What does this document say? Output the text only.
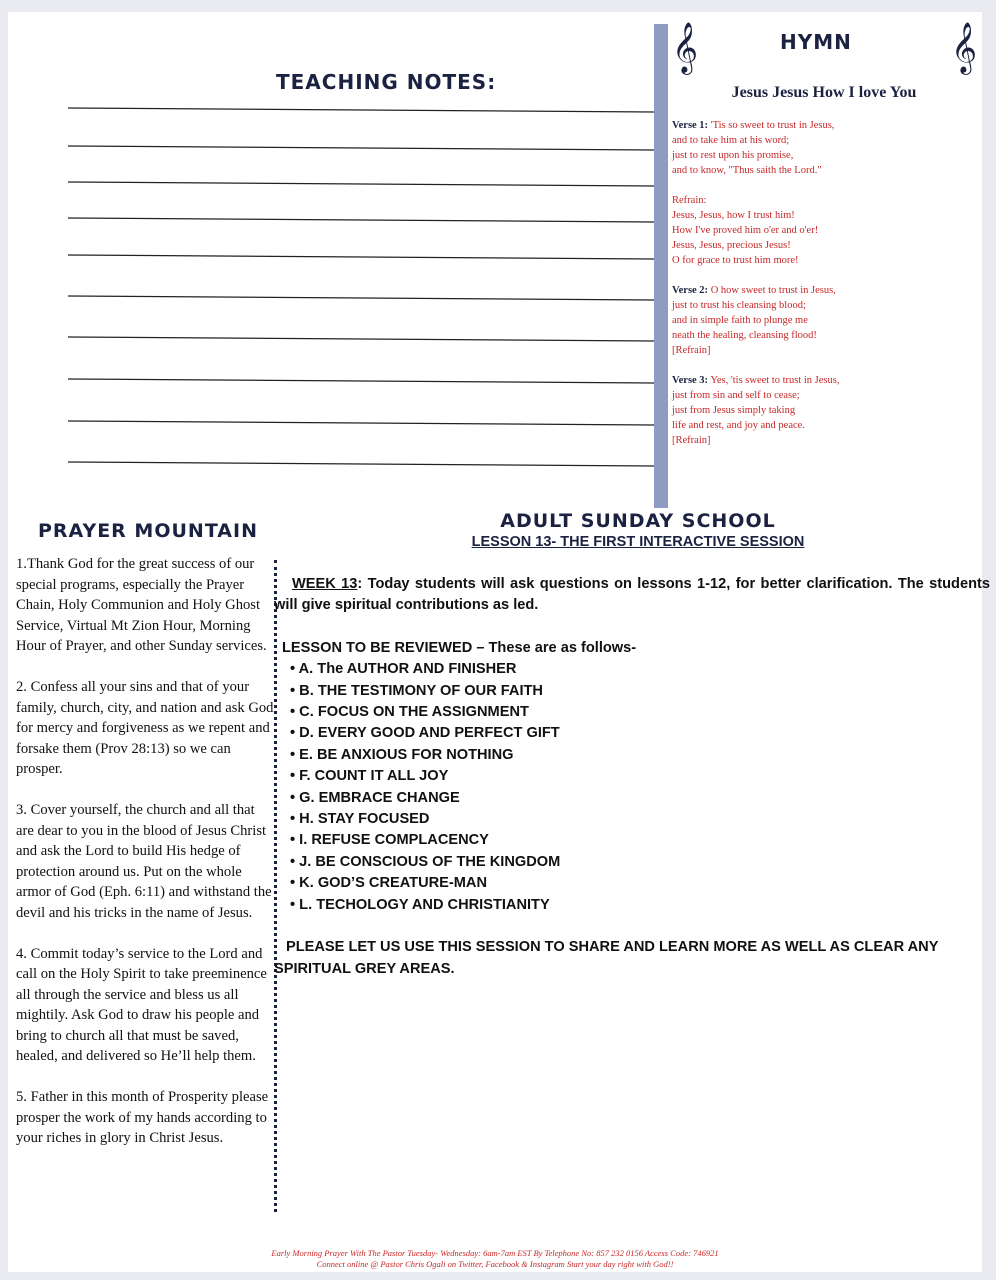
TEACHING NOTES:
𝄞	𝄞
HYMN
Jesus Jesus How I love You
Verse 1: 'Tis so sweet to trust in Jesus,
and to take him at his word;
just to rest upon his promise,
and to know, "Thus saith the Lord."
Refrain:
Jesus, Jesus, how I trust him!
How I've proved him o'er and o'er!
Jesus, Jesus, precious Jesus!
O for grace to trust him more!
Verse 2: O how sweet to trust in Jesus,
just to trust his cleansing blood;
and in simple faith to plunge me
neath the healing, cleansing flood!
[Refrain]
Verse 3: Yes, 'tis sweet to trust in Jesus,
just from sin and self to cease;
just from Jesus simply taking
life and rest, and joy and peace.
[Refrain]
PRAYER MOUNTAIN

1.Thank God for the great success of our special programs, especially the Prayer Chain, Holy Communion and Holy Ghost Service, Virtual Mt Zion Hour, Morning Hour of Prayer, and other Sunday services.

2. Confess all your sins and that of your family, church, city, and nation and ask God for mercy and forgiveness as we repent and forsake them (Prov 28:13) so we can prosper.

3. Cover yourself, the church and all that are dear to you in the blood of Jesus Christ and ask the Lord to build His hedge of protection around us. Put on the whole armor of God (Eph. 6:11) and withstand the devil and his tricks in the name of Jesus.

4. Commit today’s service to the Lord and call on the Holy Spirit to take preeminence all through the service and bless us all mightily. Ask God to draw his people and bring to church all that must be saved, healed, and delivered so He’ll help them.

5. Father in this month of Prosperity please prosper the work of my hands according to your riches in glory in Christ Jesus.

ADULT SUNDAY SCHOOL
LESSON 13- THE FIRST INTERACTIVE SESSION

WEEK 13: Today students will ask questions on lessons 1-12, for better clarification. The students will give spiritual contributions as led.

LESSON TO BE REVIEWED – These are as follows-
• A. The AUTHOR AND FINISHER
• B. THE TESTIMONY OF OUR FAITH
• C. FOCUS ON THE ASSIGNMENT
• D. EVERY GOOD AND PERFECT GIFT
• E. BE ANXIOUS FOR NOTHING
• F. COUNT IT ALL JOY
• G. EMBRACE CHANGE
• H. STAY FOCUSED
• I. REFUSE COMPLACENCY
• J. BE CONSCIOUS OF THE KINGDOM
• K. GOD’S CREATURE-MAN
• L. TECHOLOGY AND CHRISTIANITY

PLEASE LET US USE THIS SESSION TO SHARE AND LEARN MORE AS WELL AS CLEAR ANY SPIRITUAL GREY AREAS.

Early Morning Prayer With The Pastor Tuesday- Wednesday: 6am-7am EST By Telephone No: 857 232 0156 Access Code: 746921
Connect online @ Pastor Chris Ogali on Twitter, Facebook & Instagram Start your day right with God!!
